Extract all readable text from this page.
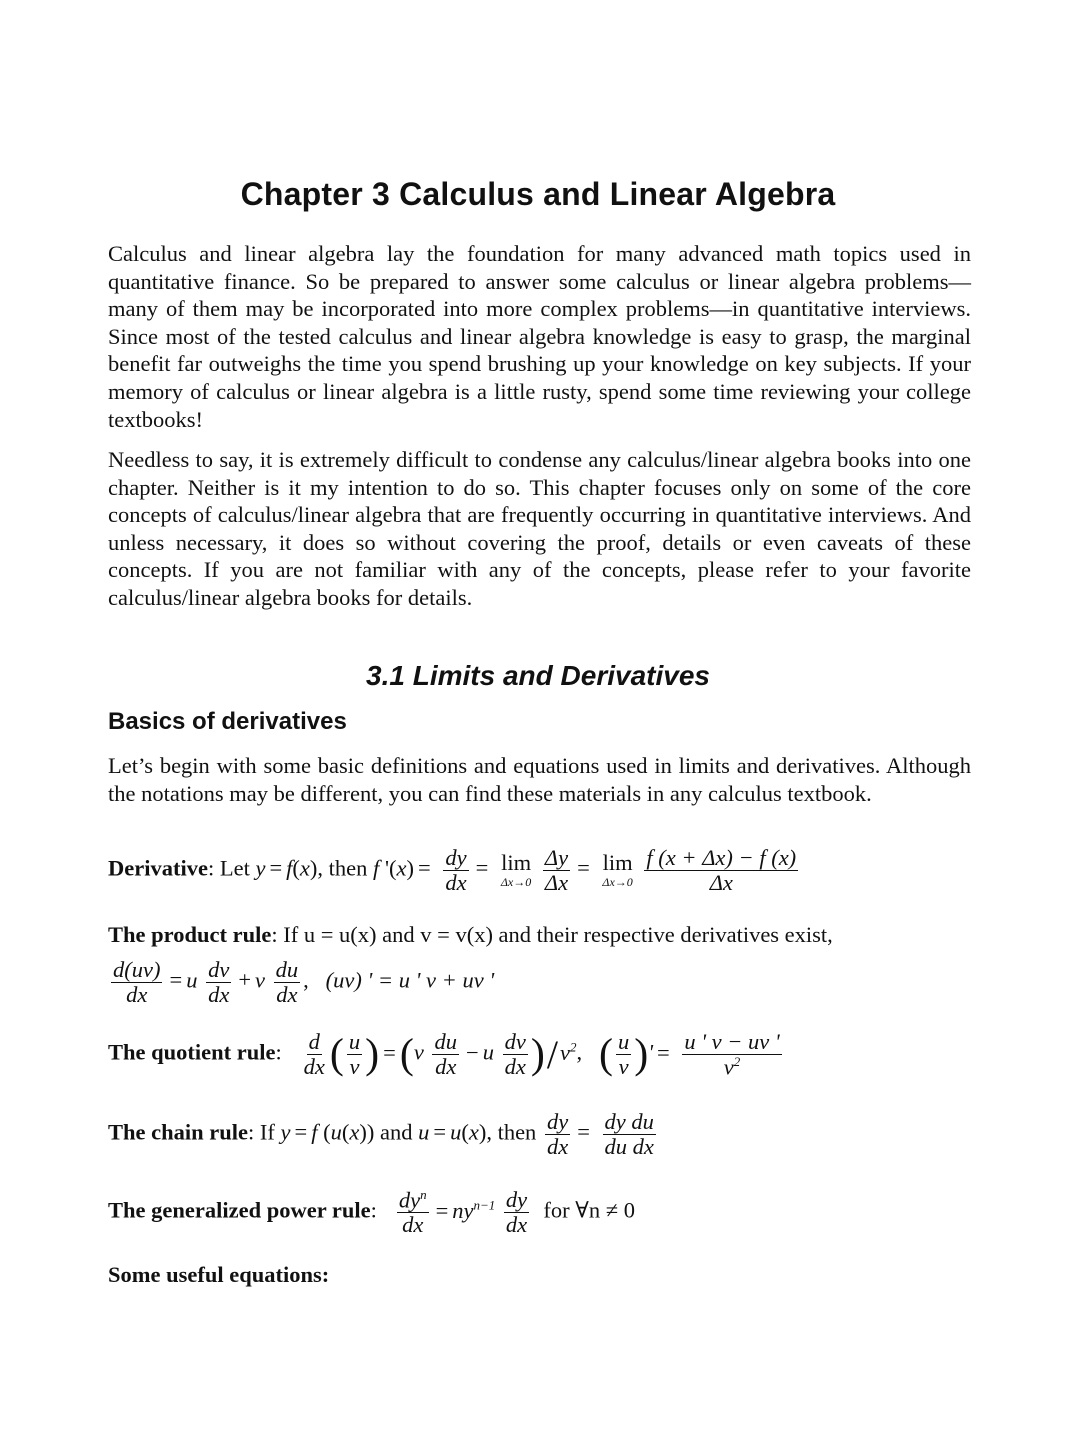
Chapter 3 Calculus and Linear Algebra

Calculus and linear algebra lay the foundation for many advanced math topics used in quantitative finance. So be prepared to answer some calculus or linear algebra problems—many of them may be incorporated into more complex problems—in quantitative interviews. Since most of the tested calculus and linear algebra knowledge is easy to grasp, the marginal benefit far outweighs the time you spend brushing up your knowledge on key subjects. If your memory of calculus or linear algebra is a little rusty, spend some time reviewing your college textbooks!

Needless to say, it is extremely difficult to condense any calculus/linear algebra books into one chapter. Neither is it my intention to do so. This chapter focuses only on some of the core concepts of calculus/linear algebra that are frequently occurring in quantitative interviews. And unless necessary, it does so without covering the proof, details or even caveats of these concepts. If you are not familiar with any of the concepts, please refer to your favorite calculus/linear algebra books for details.

3.1 Limits and Derivatives
Basics of derivatives

Let’s begin with some basic definitions and equations used in limits and derivatives. Although the notations may be different, you can find these materials in any calculus textbook.

Derivative: Let y = f(x), then f '$(x) = \frac{dy}{dx} = \lim$
Δx→0
$\frac{\Delta y}{\Delta x} = \lim$
Δx→0
$\frac{f (x + \Delta x) - f (x)}{\Delta x}$
The product rule: If u = u(x) and v = v(x) and their respective derivatives exist,
$\frac{d(uv)}{dx} = u \frac{dv}{dx} + v \frac{du}{dx}$ ,   (uv) ' = u ' v + uv '
The quotient rule: $\frac{d}{dx}$ ( $\frac{u}{v}$ ) $=(v \frac{du}{dx} - u \frac{dv}{dx} )/v^2$,   ( $\frac{u}{v}$ )' = $\frac{u ' v - uv '}{v^2}$
The chain rule: If y = f (u(x)) and u = u(x), then $\frac{dy}{dx} = \frac{\text{dy du}}{\text{du dx}}$
The generalized power rule: $\frac{dy^n}{dx} = ny^{n-1} \frac{dy}{dx}$ for ∀n ≠ 0
Some useful equations:
